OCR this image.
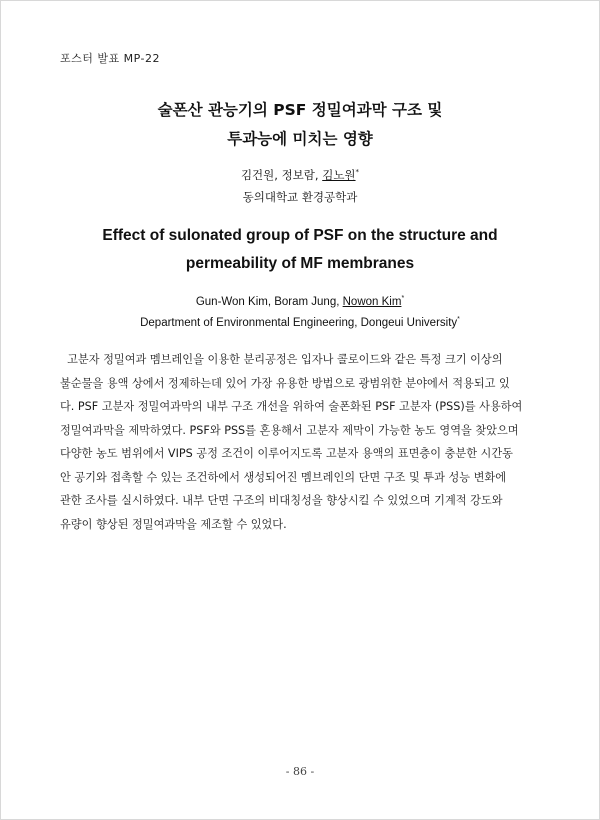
포스터 발표 MP-22
술폰산 관능기의 PSF 정밀여과막 구조 및
투과능에 미치는 영향
김건원, 정보람, 김노원*
동의대학교 환경공학과
Effect of sulonated group of PSF on the structure and
permeability of MF membranes
Gun-Won Kim, Boram Jung, Nowon Kim*
Department of Environmental Engineering, Dongeui University*
고분자 정밀여과 멤브레인을 이용한 분리공정은 입자나 콜로이드와 같은 특정 크기 이상의
불순물을 용액 상에서 정제하는데 있어 가장 유용한 방법으로 광범위한 분야에서 적용되고 있
다. PSF 고분자 정밀여과막의 내부 구조 개선을 위하여 술폰화된 PSF 고분자 (PSS)를 사용하여
정밀여과막을 제막하였다. PSF와 PSS를 혼용해서 고분자 제막이 가능한 농도 영역을 찾았으며
다양한 농도 범위에서 VIPS 공정 조건이 이루어지도록 고분자 용액의 표면층이 충분한 시간동
안 공기와 접촉할 수 있는 조건하에서 생성되어진 멤브레인의 단면 구조 및 투과 성능 변화에
관한 조사를 실시하였다. 내부 단면 구조의 비대칭성을 향상시킬 수 있었으며 기계적 강도와
유량이 향상된 정밀여과막을 제조할 수 있었다.
- 86 -
